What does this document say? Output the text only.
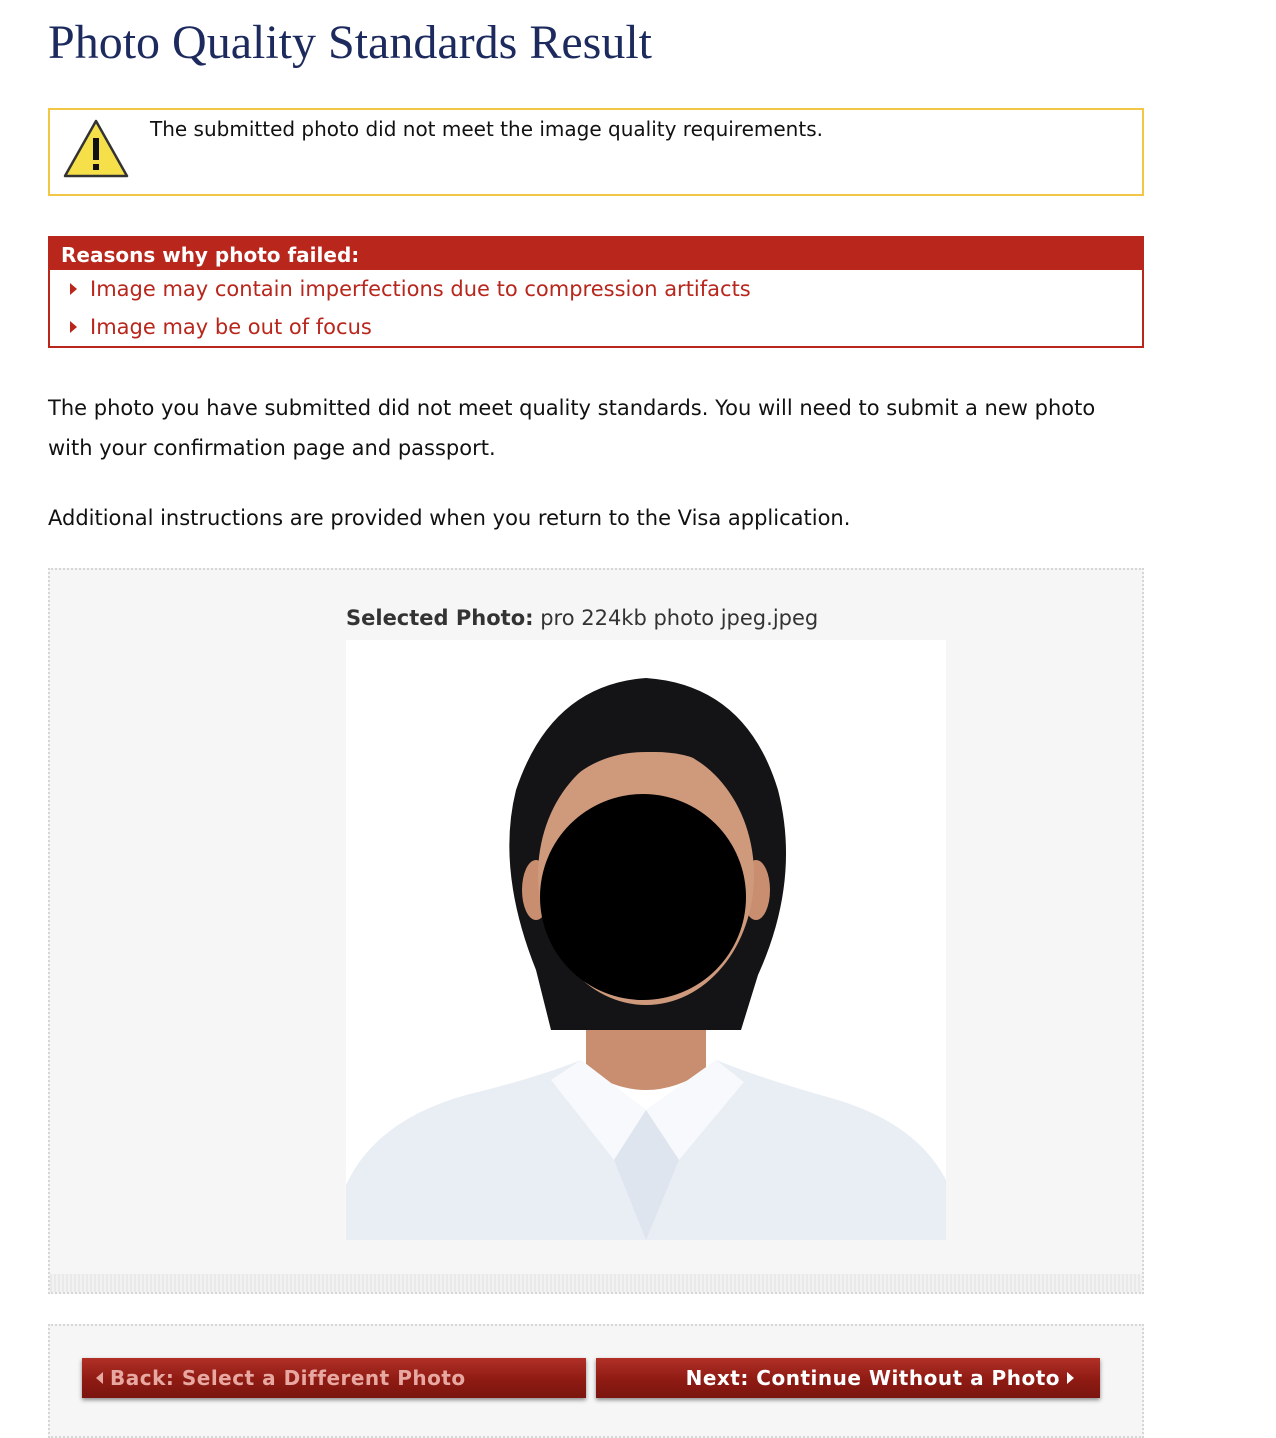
Photo Quality Standards Result
The submitted photo did not meet the image quality requirements.
Reasons why photo failed:
Image may contain imperfections due to compression artifacts
Image may be out of focus

The photo you have submitted did not meet quality standards. You will need to submit a new photo with your confirmation page and passport.

Additional instructions are provided when you return to the Visa application.

Selected Photo: pro 224kb photo jpeg.jpeg
Back: Select a Different Photo	Next: Continue Without a Photo
